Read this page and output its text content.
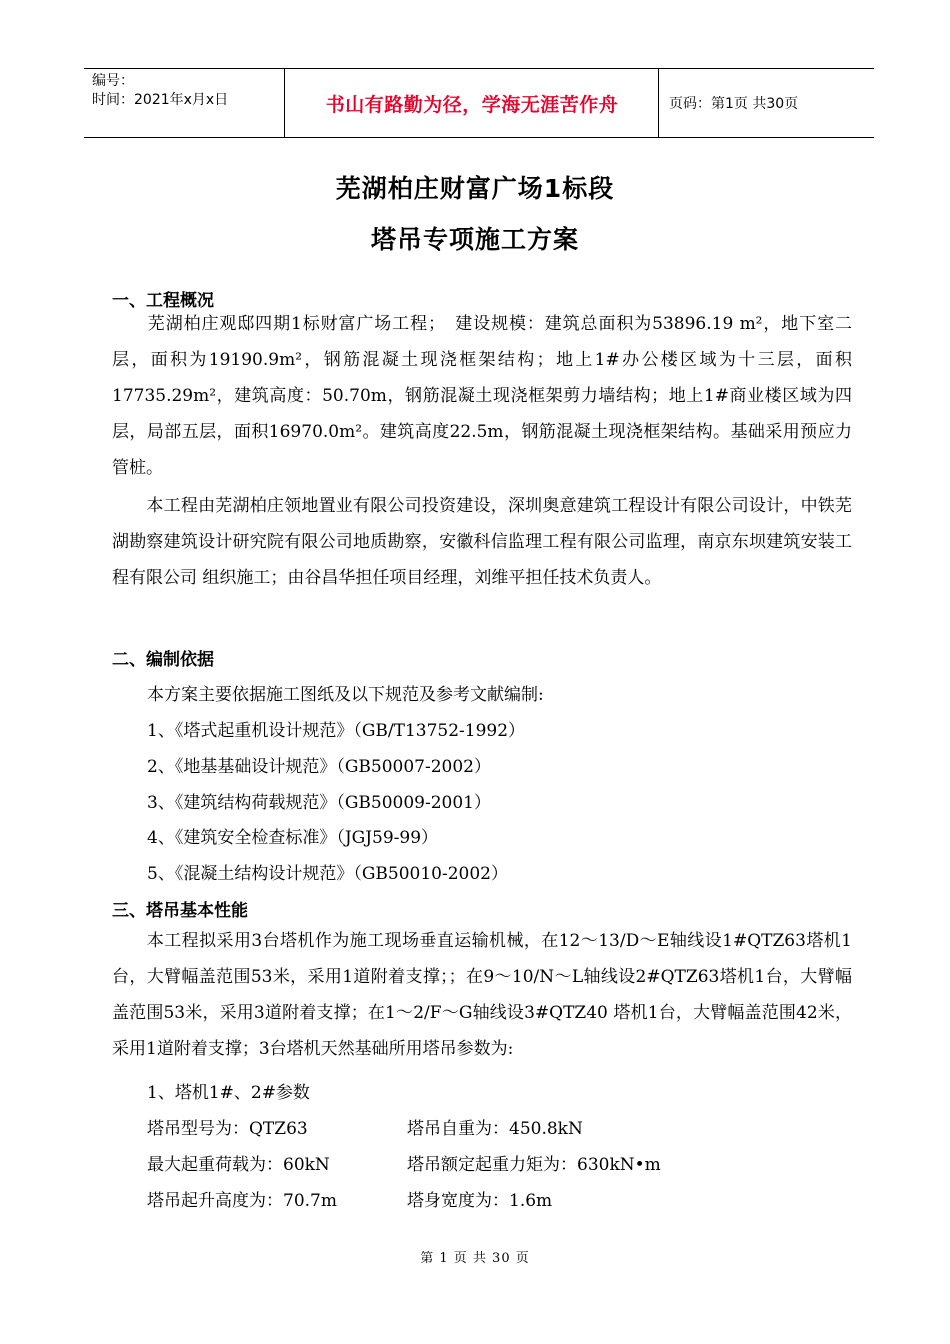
编号：
时间：2021年x月x日	书山有路勤为径，学海无涯苦作舟	页码：第1页 共30页
芜湖柏庄财富广场1标段
塔吊专项施工方案
一、工程概况
　　芜湖柏庄观邸四期1标财富广场工程；　建设规模：建筑总面积为53896.19 m²，地下室二层，面积为19190.9m²，钢筋混凝土现浇框架结构；地上1#办公楼区域为十三层，面积17735.29m²，建筑高度：50.70m，钢筋混凝土现浇框架剪力墙结构；地上1#商业楼区域为四层，局部五层，面积16970.0m²。建筑高度22.5m，钢筋混凝土现浇框架结构。基础采用预应力管桩。
　　本工程由芜湖柏庄领地置业有限公司投资建设，深圳奥意建筑工程设计有限公司设计，中铁芜湖勘察建筑设计研究院有限公司地质勘察，安徽科信监理工程有限公司监理，南京东坝建筑安装工程有限公司 组织施工；由谷昌华担任项目经理，刘维平担任技术负责人。
二、编制依据
本方案主要依据施工图纸及以下规范及参考文献编制:
1、《塔式起重机设计规范》（GB/T13752-1992）
2、《地基基础设计规范》（GB50007-2002）
3、《建筑结构荷载规范》（GB50009-2001）
4、《建筑安全检查标准》（JGJ59-99）
5、《混凝土结构设计规范》（GB50010-2002）
三、塔吊基本性能
　　本工程拟采用3台塔机作为施工现场垂直运输机械，在12～13/D～E轴线设1#QTZ63塔机1台，大臂幅盖范围53米，采用1道附着支撑；；在9～10/N～L轴线设2#QTZ63塔机1台，大臂幅盖范围53米，采用3道附着支撑；在1～2/F～G轴线设3#QTZ40 塔机1台，大臂幅盖范围42米，采用1道附着支撑；3台塔机天然基础所用塔吊参数为:
1、塔机1#、2#参数
塔吊型号为：QTZ63	塔吊自重为：450.8kN
最大起重荷载为：60kN	塔吊额定起重力矩为：630kN•m
塔吊起升高度为：70.7m	塔身宽度为：1.6m
第 1 页 共 30 页
